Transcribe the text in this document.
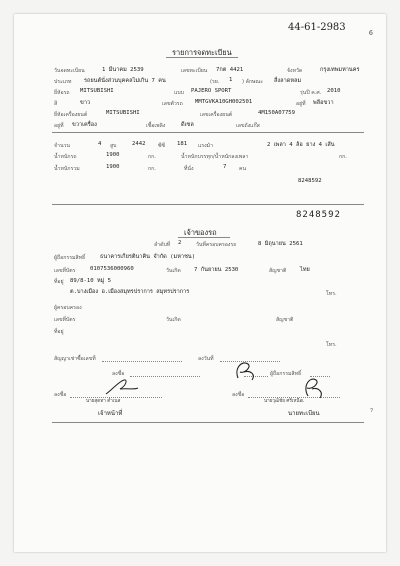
44-61-2983
6
รายการจดทะเบียน
วันจดทะเบียน	1 มีนาคม 2539	เลขทะเบียน 7กต 4421	จังหวัด	กรุงเทพมหานคร
ประเภท รถยนต์นั่งส่วนบุคคลไม่เกิน 7 คน	(รย. 1 ) ลักษณะ สี่งลาดหลม
ยี่ห้อรถ MITSUBISHI	แบบ PAJERO SPORT	รุ่นปี ค.ศ. 2010
สี	ขาว	เลขตัวรถ MMTGVKA10GH002501	อยู่ที่ พลีอขวา
ยี่ห้อเครื่องยนต์	MITSUBISHI	เลขเครื่องยนต์	4M150A07759
อยู่ที่ ขวาเครื่อง	เชื้อเพลิง	ดีเซล	เลขถังแก๊ส
จำนวน	4 สูบ	2442 ซีซี 181 แรงม้า	2 เพลา 4 ล้อ ยาง 4 เส้น
น้ำหนักรถ	1900	กก.	น้ำหนักบรรทุก/น้ำหนักลงเพลา	กก.
น้ำหนักรวม	1900	กก.	ที่นั่ง	7 คน
8248592
8248592
เจ้าของรถ
ลำดับที่ 2	วันที่ครอบครองรถ	8 มิถุนายน 2561
ผู้ถือกรรมสิทธิ์	ธนาคารเกียรตินาคิน จำกัด (มหาชน)
เลขที่บัตร	0107536000960	วันเกิด 7 กันยายน 2530	สัญชาติ ไทย
ที่อยู่ 89/8-10 หมู่ 5
ต.บางเมือง อ.เมืองสมุทรปราการ สมุทรปราการ	โทร.
ผู้ครอบครอง
เลขที่บัตร	วันเกิด	สัญชาติ
ที่อยู่
โทร.
สัญญาเช่าซื้อเลขที่	ลงวันที่
ลงชื่อ	ผู้ถือกรรมสิทธิ์
ลงชื่อ
นายสุดทา ดำเนส
เจ้าหน้าที่
ลงชื่อ
นายวุฒิชัย ศรีเหนือเ
นายทะเบียน	7
